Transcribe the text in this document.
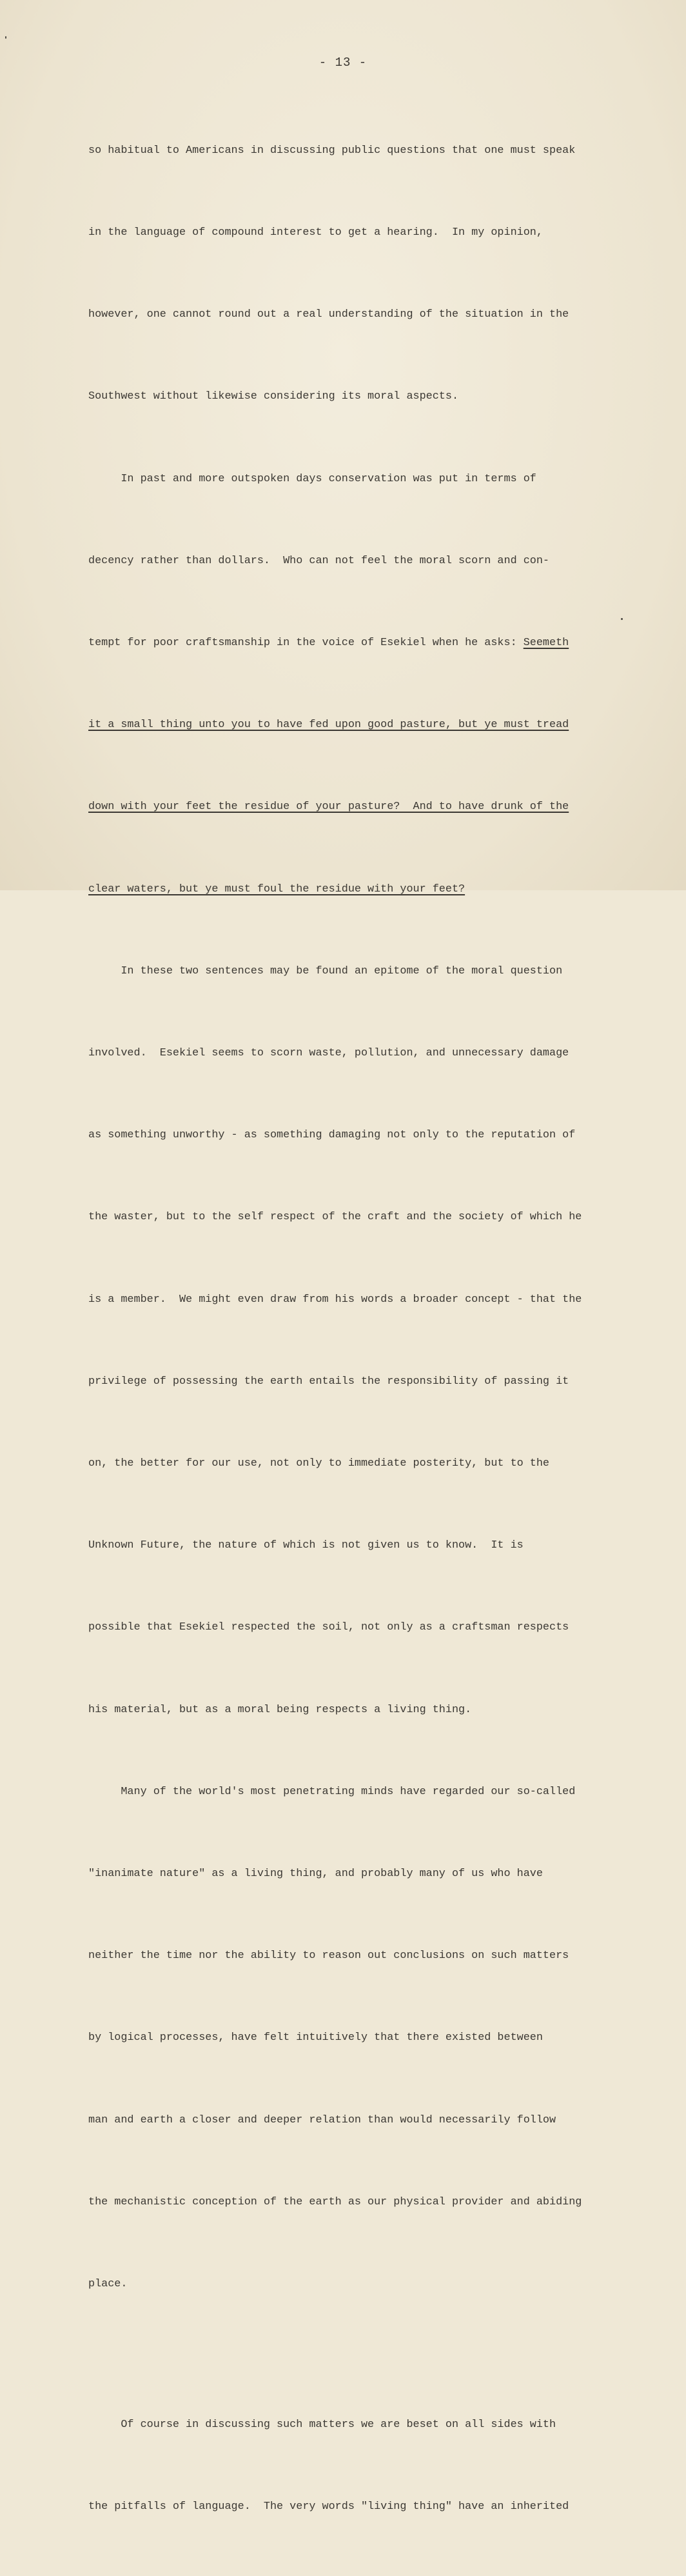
- 13 -

so habitual to Americans in discussing public questions that one must speak

in the language of compound interest to get a hearing.  In my opinion,

however, one cannot round out a real understanding of the situation in the

Southwest without likewise considering its moral aspects.

In past and more outspoken days conservation was put in terms of

decency rather than dollars.  Who can not feel the moral scorn and con-

tempt for poor craftsmanship in the voice of Esekiel when he asks: Seemeth

it a small thing unto you to have fed upon good pasture, but ye must tread

down with your feet the residue of your pasture?  And to have drunk of the

clear waters, but ye must foul the residue with your feet?

In these two sentences may be found an epitome of the moral question

involved.  Esekiel seems to scorn waste, pollution, and unnecessary damage

as something unworthy - as something damaging not only to the reputation of

the waster, but to the self respect of the craft and the society of which he

is a member.  We might even draw from his words a broader concept - that the

privilege of possessing the earth entails the responsibility of passing it

on, the better for our use, not only to immediate posterity, but to the

Unknown Future, the nature of which is not given us to know.  It is

possible that Esekiel respected the soil, not only as a craftsman respects

his material, but as a moral being respects a living thing.

Many of the world's most penetrating minds have regarded our so-called

"inanimate nature" as a living thing, and probably many of us who have

neither the time nor the ability to reason out conclusions on such matters

by logical processes, have felt intuitively that there existed between

man and earth a closer and deeper relation than would necessarily follow

the mechanistic conception of the earth as our physical provider and abiding

place.

Of course in discussing such matters we are beset on all sides with

the pitfalls of language.  The very words "living thing" have an inherited
